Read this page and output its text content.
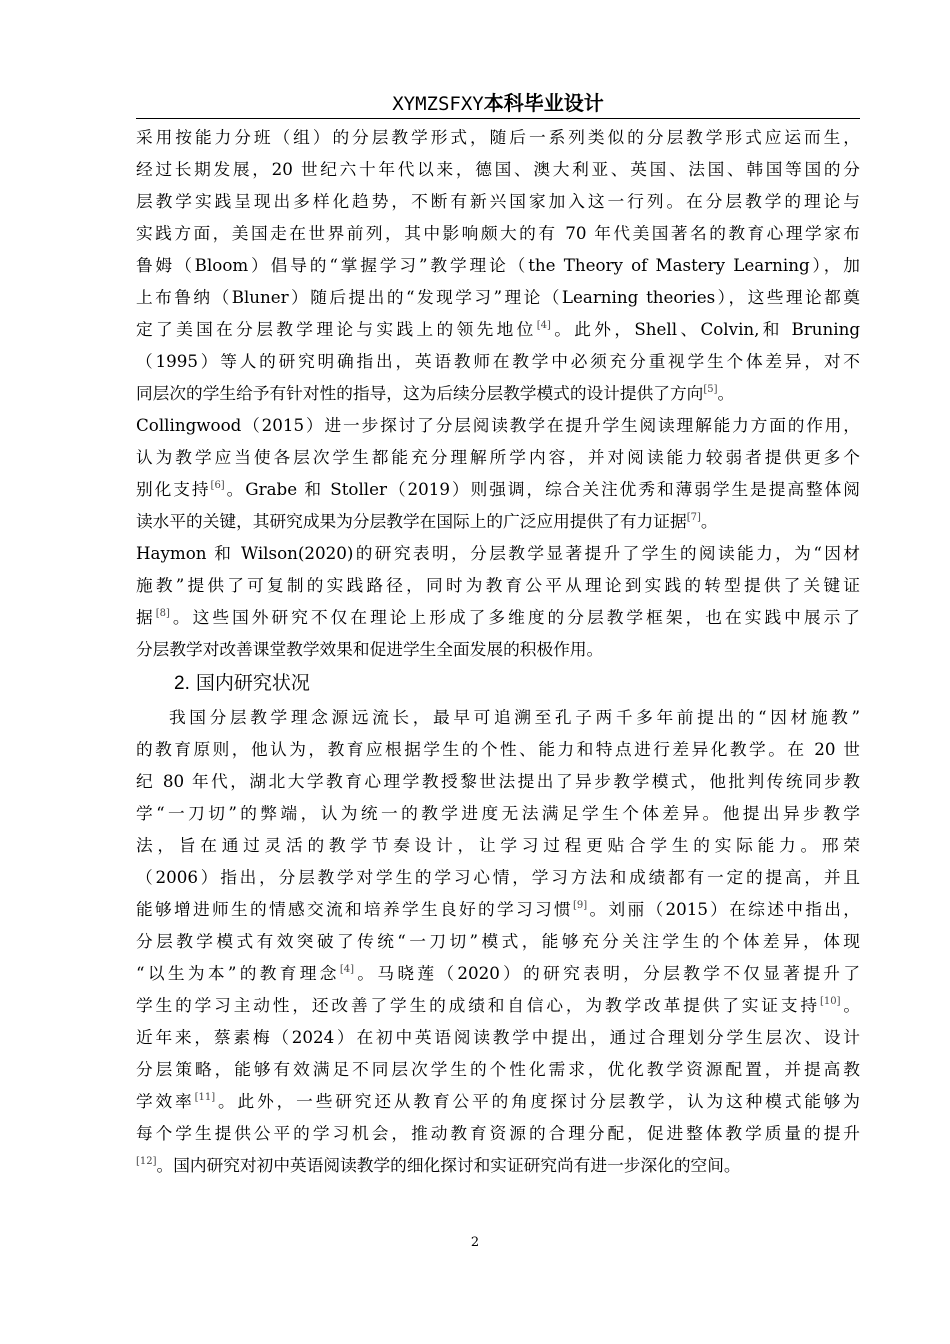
XYMZSFXY本科毕业设计
采用按能力分班（组）的分层教学形式，随后一系列类似的分层教学形式应运而生，
经过长期发展，20 世纪六十年代以来，德国、澳大利亚、英国、法国、韩国等国的分
层教学实践呈现出多样化趋势，不断有新兴国家加入这一行列。在分层教学的理论与
实践方面，美国走在世界前列，其中影响颇大的有 70 年代美国著名的教育心理学家布
鲁姆（Bloom）倡导的“掌握学习”教学理论（the Theory of Mastery Learning），加
上布鲁纳（Bluner）随后提出的“发现学习”理论（Learning theories），这些理论都奠
定了美国在分层教学理论与实践上的领先地位[4]。此外，Shell、Colvin,和 Bruning
（1995）等人的研究明确指出，英语教师在教学中必须充分重视学生个体差异，对不
同层次的学生给予有针对性的指导，这为后续分层教学模式的设计提供了方向[5]。
Collingwood（2015）进一步探讨了分层阅读教学在提升学生阅读理解能力方面的作用，
认为教学应当使各层次学生都能充分理解所学内容，并对阅读能力较弱者提供更多个
别化支持[6]。Grabe 和 Stoller（2019）则强调，综合关注优秀和薄弱学生是提高整体阅
读水平的关键，其研究成果为分层教学在国际上的广泛应用提供了有力证据[7]。
Haymon 和 Wilson(2020)的研究表明，分层教学显著提升了学生的阅读能力，为“因材
施教”提供了可复制的实践路径，同时为教育公平从理论到实践的转型提供了关键证
据[8]。这些国外研究不仅在理论上形成了多维度的分层教学框架，也在实践中展示了
分层教学对改善课堂教学效果和促进学生全面发展的积极作用。
2. 国内研究状况
我国分层教学理念源远流长，最早可追溯至孔子两千多年前提出的“因材施教”
的教育原则，他认为，教育应根据学生的个性、能力和特点进行差异化教学。在 20 世
纪 80 年代，湖北大学教育心理学教授黎世法提出了异步教学模式，他批判传统同步教
学“一刀切”的弊端，认为统一的教学进度无法满足学生个体差异。他提出异步教学
法，旨在通过灵活的教学节奏设计，让学习过程更贴合学生的实际能力。邢荣
（2006）指出，分层教学对学生的学习心情，学习方法和成绩都有一定的提高，并且
能够增进师生的情感交流和培养学生良好的学习习惯[9]。刘丽（2015）在综述中指出，
分层教学模式有效突破了传统“一刀切”模式，能够充分关注学生的个体差异，体现
“以生为本”的教育理念[4]。马晓莲（2020）的研究表明，分层教学不仅显著提升了
学生的学习主动性，还改善了学生的成绩和自信心，为教学改革提供了实证支持[10]。
近年来，蔡素梅（2024）在初中英语阅读教学中提出，通过合理划分学生层次、设计
分层策略，能够有效满足不同层次学生的个性化需求，优化教学资源配置，并提高教
学效率[11]。此外，一些研究还从教育公平的角度探讨分层教学，认为这种模式能够为
每个学生提供公平的学习机会，推动教育资源的合理分配，促进整体教学质量的提升
[12]。国内研究对初中英语阅读教学的细化探讨和实证研究尚有进一步深化的空间。
2
